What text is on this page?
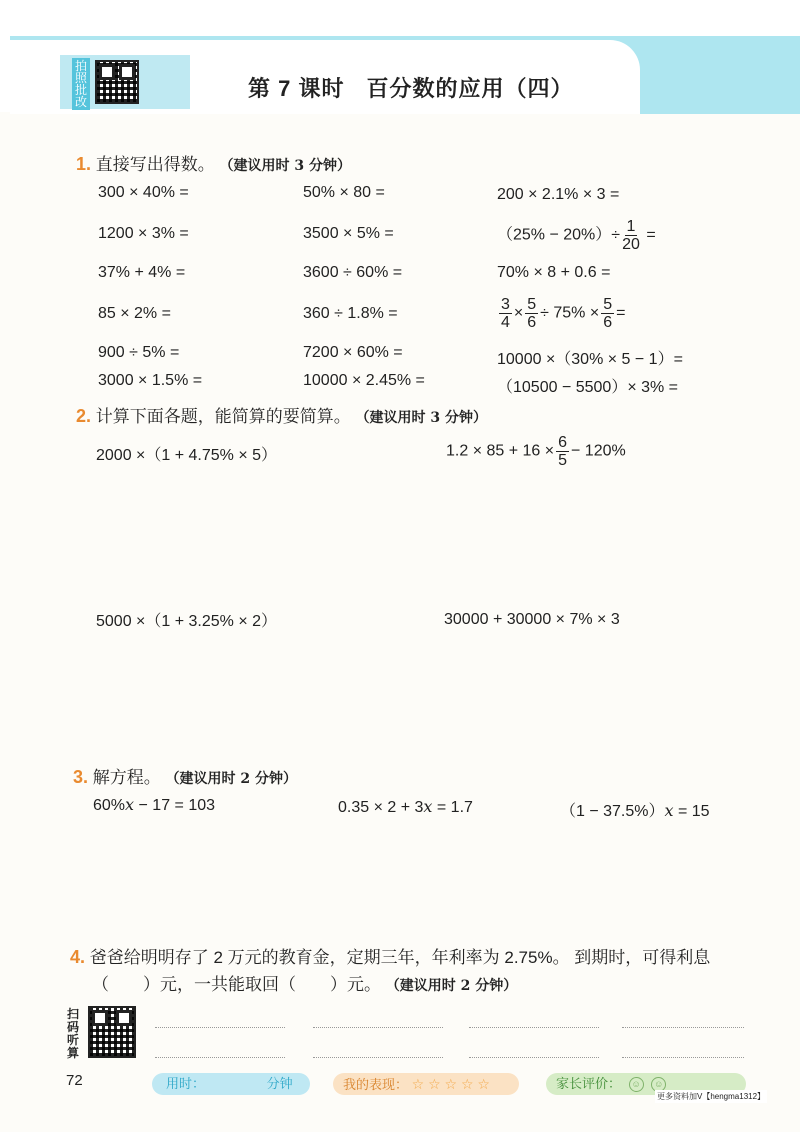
拍照批改
第 7 课时 百分数的应用（四）
1. 直接写出得数。 （建议用时 3 分钟）
300 × 40% =	50% × 80 =	200 × 2.1% × 3 =
1200 × 3% =	3500 × 5% =	$(25\% - 20\%)\div \frac{1}{20}$ =
37% + 4% =	3600 ÷ 60% =	70% × 8 + 0.6 =
85 × 2% =	360 ÷ 1.8% =	$\frac{3}{4} \times \frac{5}{6} \div 75\% \times \frac{5}{6}$ =
900 ÷ 5% =	7200 × 60% =	10000 ×（30% × 5 − 1）=
3000 × 1.5% =	10000 × 2.45% =	（10500 − 5500）× 3% =
2. 计算下面各题，能简算的要简算。 （建议用时 3 分钟）
2000 ×（1 + 4.75% × 5）	$1.2 \times 85 + 16 \times \frac{6}{5} - 120\%$
5000 ×（1 + 3.25% × 2）	30000 + 30000 × 7% × 3
3. 解方程。 （建议用时 2 分钟）
60%x − 17 = 103	0.35 × 2 + 3x = 1.7	（1 − 37.5%）x = 15
4. 爸爸给明明存了 2 万元的教育金，定期三年，年利率为 2.75%。 到期时，可得利息
（　　）元，一共能取回（　　）元。 （建议用时 2 分钟）
扫码听算
72	用时：	分钟	我的表现： ☆ ☆ ☆ ☆ ☆	家长评价： ☺ ☺
更多资料加V【hengma1312】
